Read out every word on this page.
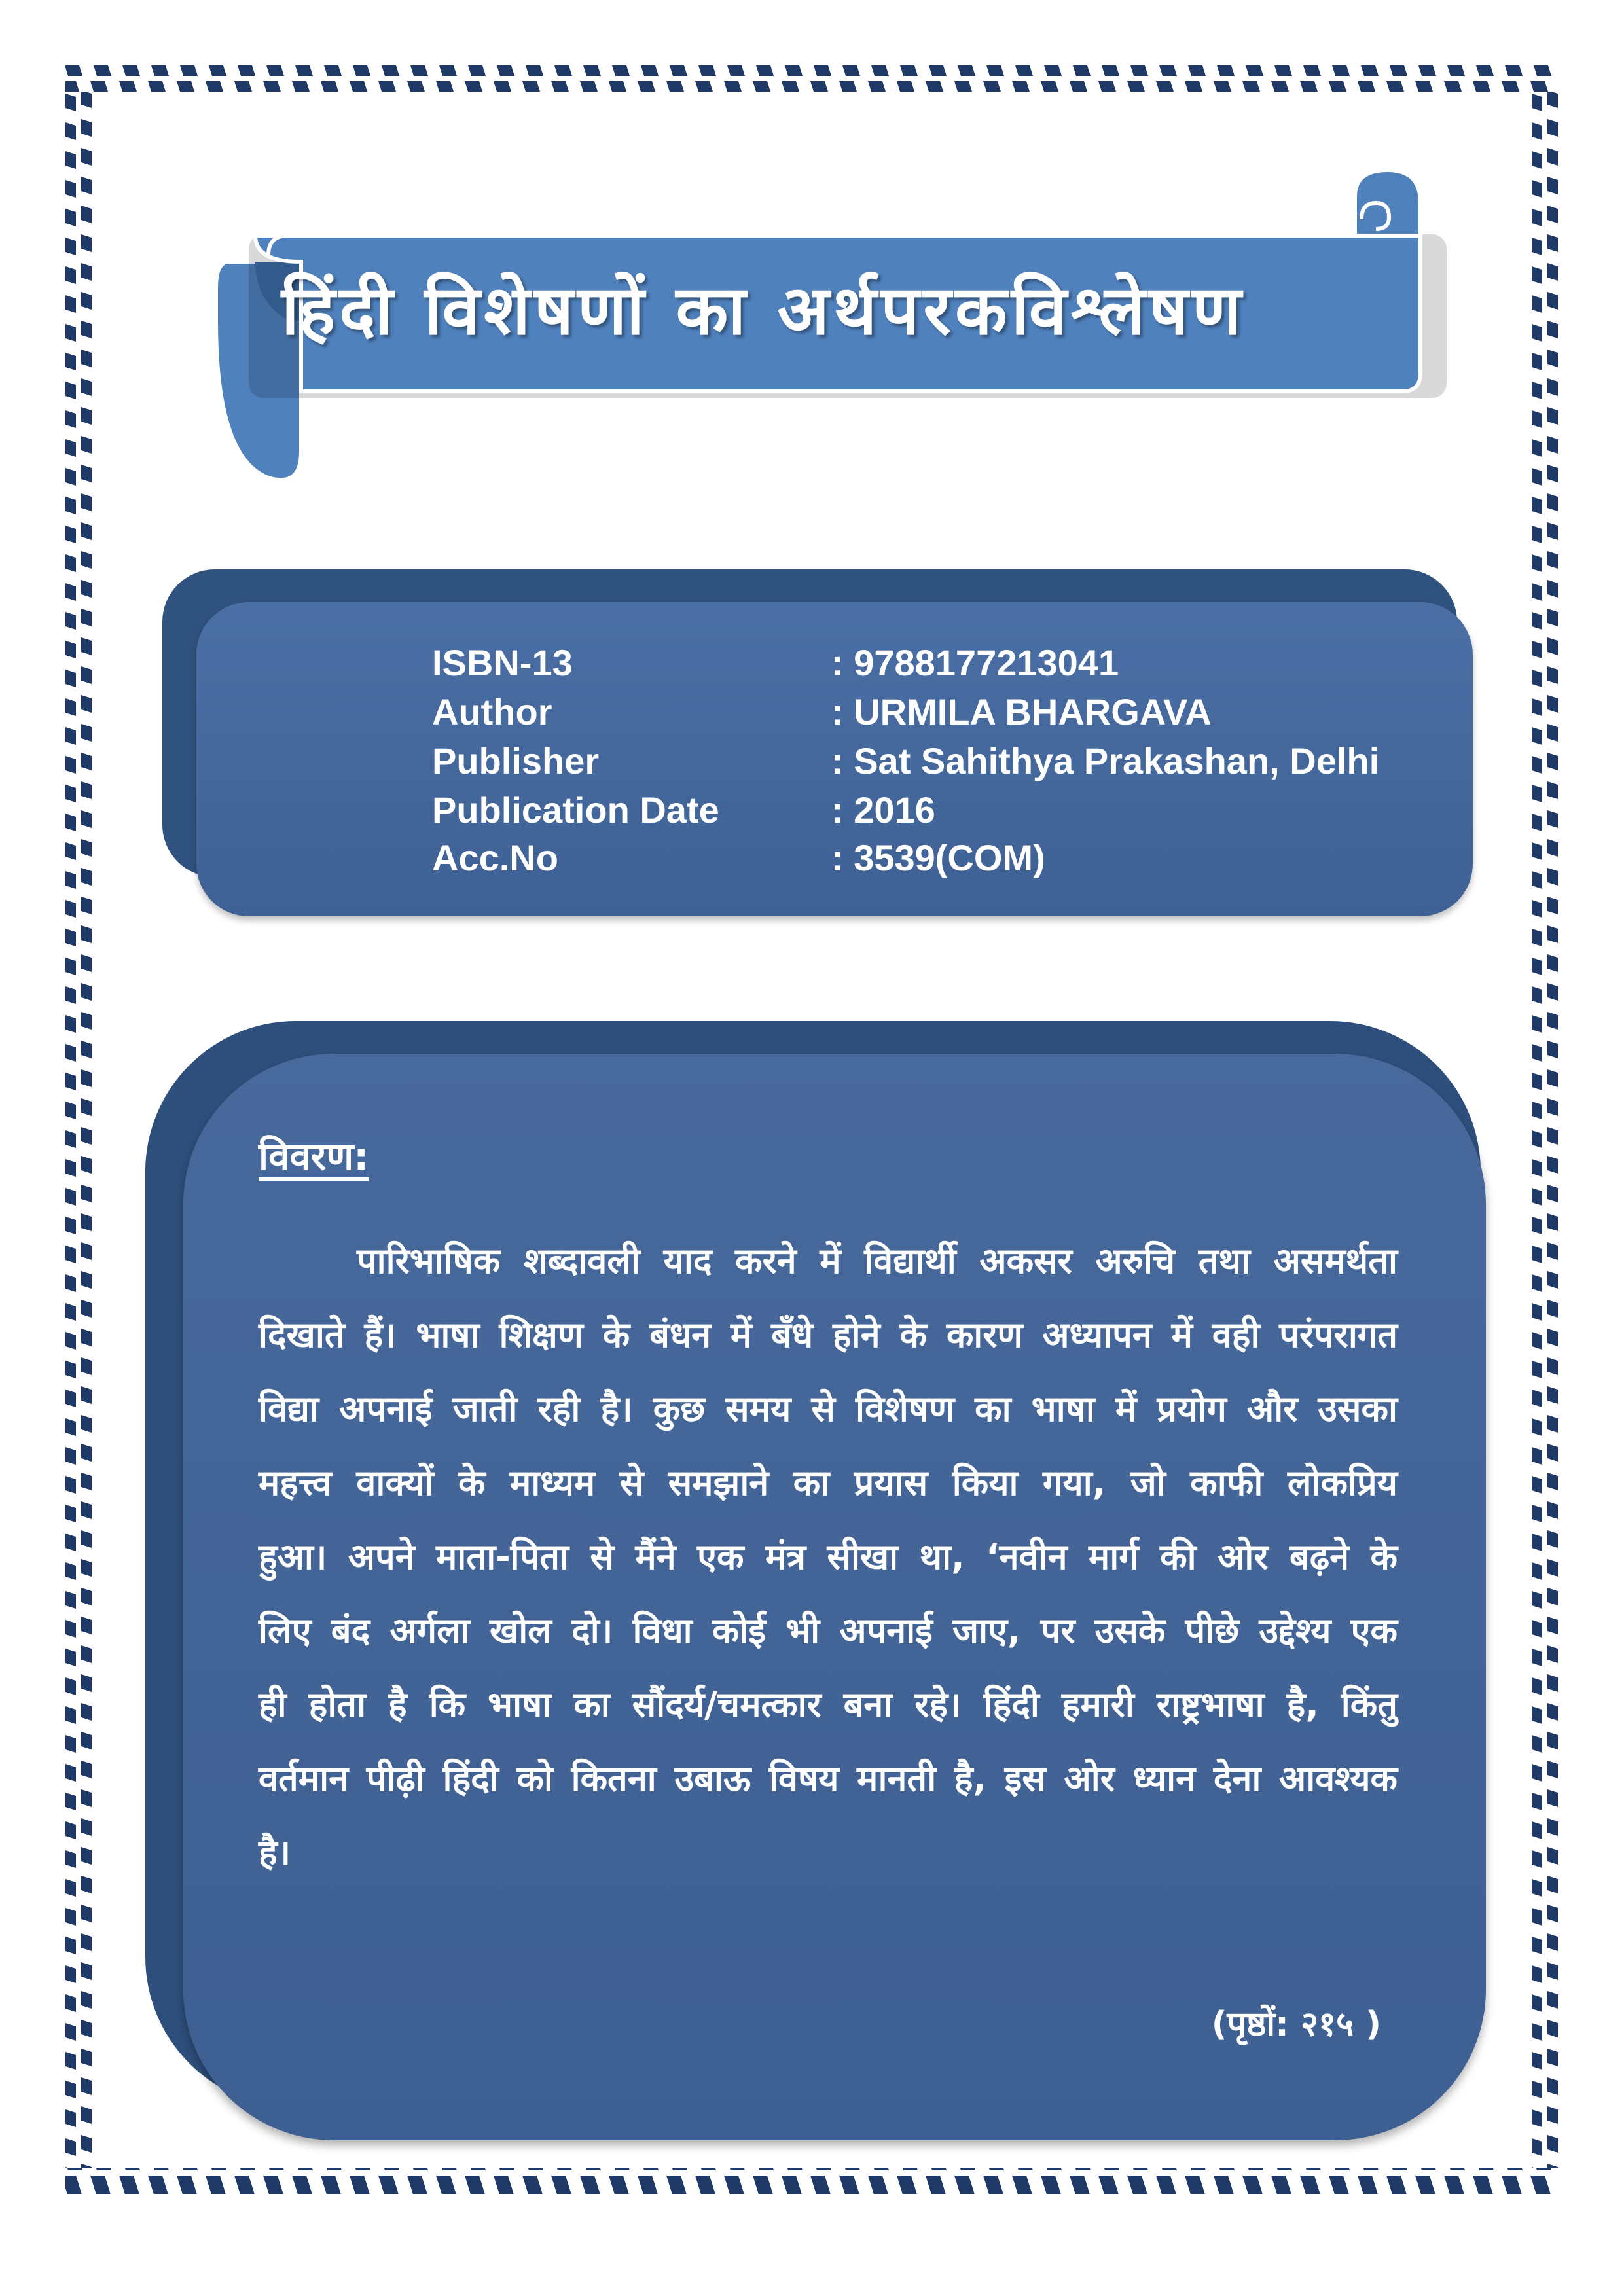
हिंदी विशेषणों का अर्थपरकविश्लेषण
ISBN-13	: 9788177213041
Author	: URMILA BHARGAVA
Publisher	: Sat Sahithya Prakashan, Delhi
Publication Date	: 2016
Acc.No	: 3539(COM)
विवरण:
पारिभाषिक शब्दावली याद करने में विद्यार्थी अकसर अरुचि तथा असमर्थता दिखाते हैं। भाषा शिक्षण के बंधन में बँधे होने के कारण अध्यापन में वही परंपरागत विद्या अपनाई जाती रही है। कुछ समय से विशेषण का भाषा में प्रयोग और उसका महत्त्व वाक्यों के माध्यम से समझाने का प्रयास किया गया, जो काफी लोकप्रिय हुआ। अपने माता-पिता से मैंने एक मंत्र सीखा था, ‘नवीन मार्ग की ओर बढ़ने के लिए बंद अर्गला खोल दो। विधा कोई भी अपनाई जाए, पर उसके पीछे उद्देश्य एक ही होता है कि भाषा का सौंदर्य/चमत्कार बना रहे। हिंदी हमारी राष्ट्रभाषा है, किंतु वर्तमान पीढ़ी हिंदी को कितना उबाऊ विषय मानती है, इस ओर ध्यान देना आवश्यक है।
(पृष्ठों: २१५ )
